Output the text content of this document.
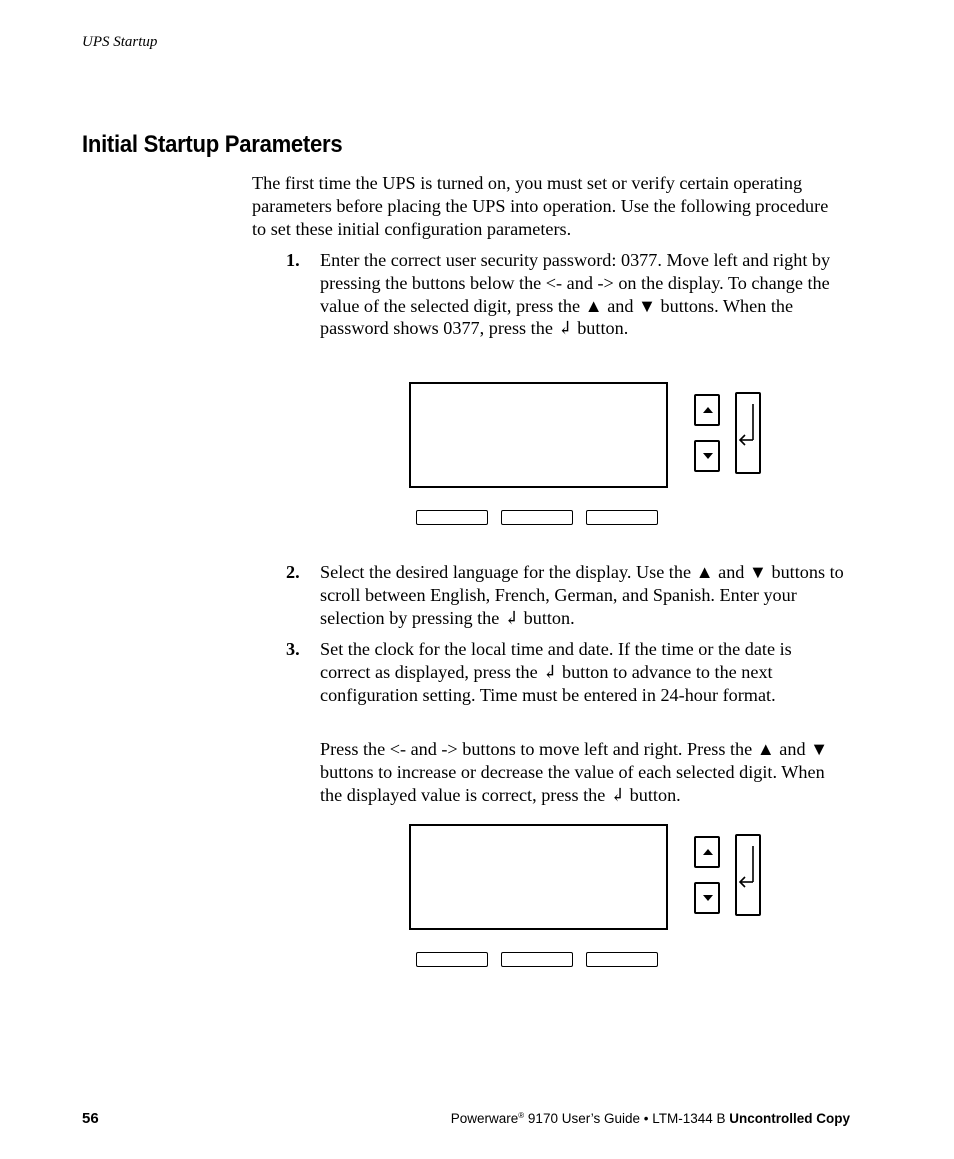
UPS Startup
Initial Startup Parameters

The first time the UPS is turned on, you must set or verify certain operating parameters before placing the UPS into operation. Use the following procedure to set these initial configuration parameters.

1. Enter the correct user security password: 0377. Move left and right by pressing the buttons below the <- and -> on the display. To change the value of the selected digit, press the ▲ and ▼ buttons. When the password shows 0377, press the ↲ button.
2. Select the desired language for the display. Use the ▲ and ▼ buttons to scroll between English, French, German, and Spanish. Enter your selection by pressing the ↲ button.
3. Set the clock for the local time and date. If the time or the date is correct as displayed, press the ↲ button to advance to the next configuration setting. Time must be entered in 24-hour format.

Press the <- and -> buttons to move left and right. Press the ▲ and ▼ buttons to increase or decrease the value of each selected digit. When the displayed value is correct, press the ↲ button.

56	Powerware® 9170 User’s Guide • LTM-1344 B Uncontrolled Copy
